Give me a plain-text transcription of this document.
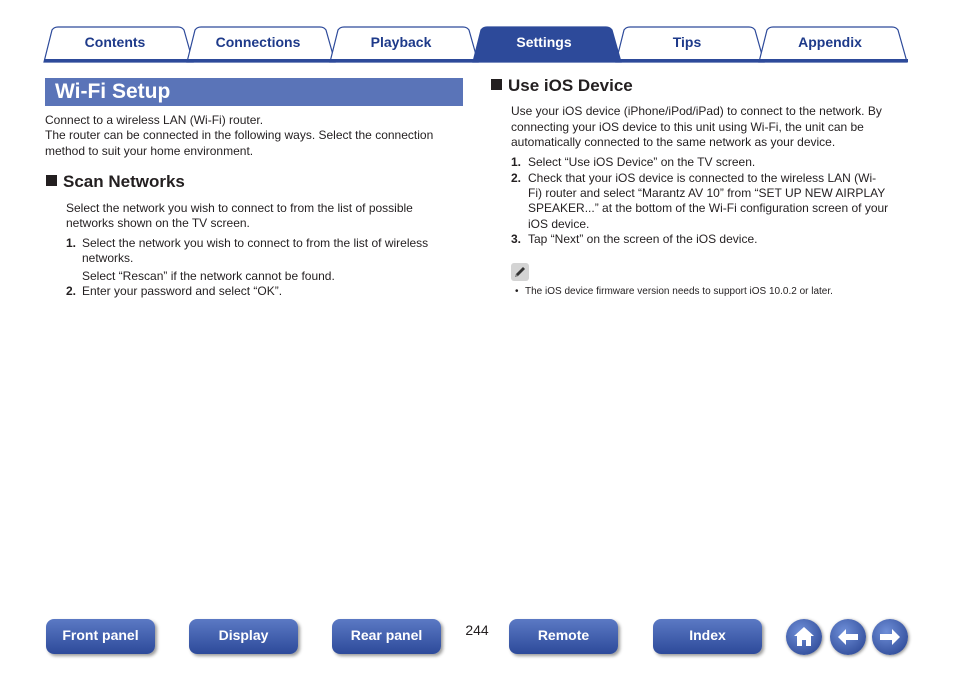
Contents	Connections	Playback	Settings	Tips	Appendix
Wi-Fi Setup
Connect to a wireless LAN (Wi-Fi) router.
The router can be connected in the following ways. Select the connection
method to suit your home environment.
Scan Networks
Select the network you wish to connect to from the list of possible
networks shown on the TV screen.
1. Select the network you wish to connect to from the list of wireless
networks.
Select “Rescan” if the network cannot be found.
2. Enter your password and select “OK”.
Use iOS Device
Use your iOS device (iPhone/iPod/iPad) to connect to the network. By
connecting your iOS device to this unit using Wi-Fi, the unit can be
automatically connected to the same network as your device.
1. Select “Use iOS Device” on the TV screen.
2. Check that your iOS device is connected to the wireless LAN (Wi-
Fi) router and select “Marantz AV 10” from “SET UP NEW AIRPLAY
SPEAKER...” at the bottom of the Wi-Fi configuration screen of your
iOS device.
3. Tap “Next” on the screen of the iOS device.
• The iOS device firmware version needs to support iOS 10.0.2 or later.
Front panel	Display	Rear panel	244	Remote	Index
